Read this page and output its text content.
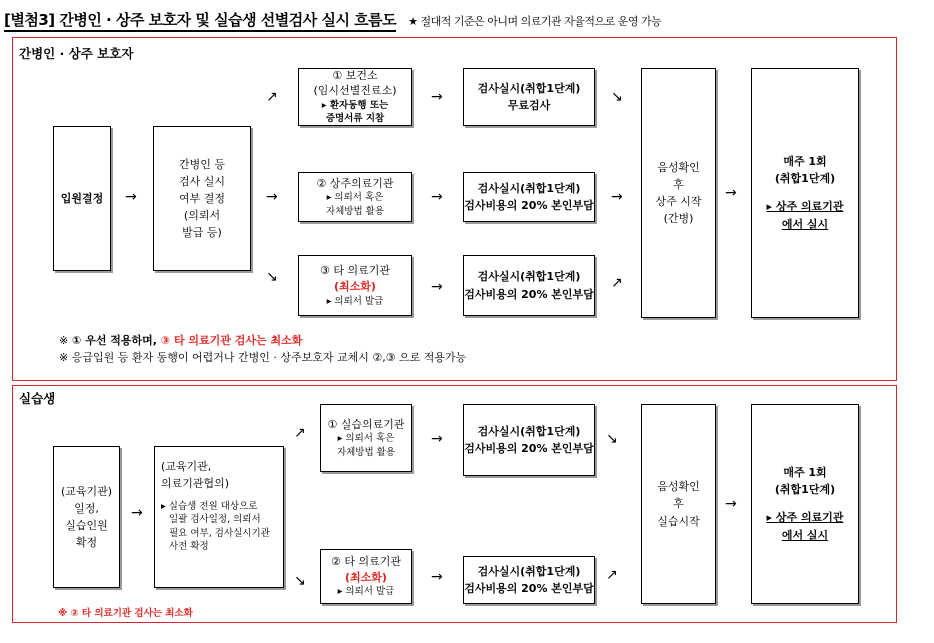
[별첨3] 간병인 · 상주 보호자 및 실습생 선별검사 실시 흐름도 ★ 절대적 기준은 아니며 의료기관 자율적으로 운영 가능
간병인 · 상주 보호자
입원결정 →
간병인 등
검사 실시
여부 결정
(의뢰서
발급 등)
↗
→
↘
① 보건소
(임시선별진료소)
▸ 환자동행 또는
증명서류 지참
② 상주의료기관
▸ 의뢰서 혹은
자체방법 활용
③ 타 의료기관
(최소화)
▸ 의뢰서 발급
→
→
→
검사실시(취합1단계)
무료검사
검사실시(취합1단계)
검사비용의 20% 본인부담
검사실시(취합1단계)
검사비용의 20% 본인부담
↘
→
↗
음성확인
후
상주 시작
(간병)
→
매주 1회
(취합1단계)
▸ 상주 의료기관
에서 실시
※ ① 우선 적용하며, ③ 타 의료기관 검사는 최소화
※ 응급입원 등 환자 동행이 어렵거나 간병인 · 상주보호자 교체시 ②,③ 으로 적용가능
실습생
(교육기관)
일정,
실습인원
확정
→
(교육기관,
의료기관협의)
▸ 실습생 전원 대상으로
일괄 검사일정, 의뢰서
필요 여부, 검사실시기관
사전 확정
↗
↘
① 실습의료기관
▸ 의뢰서 혹은
자체방법 활용
② 타 의료기관
(최소화)
▸ 의뢰서 발급
→
→
검사실시(취합1단계)
검사비용의 20% 본인부담
검사실시(취합1단계)
검사비용의 20% 본인부담
↘
↗
음성확인
후
실습시작
→
매주 1회
(취합1단계)
▸ 상주 의료기관
에서 실시
※ ② 타 의료기관 검사는 최소화
